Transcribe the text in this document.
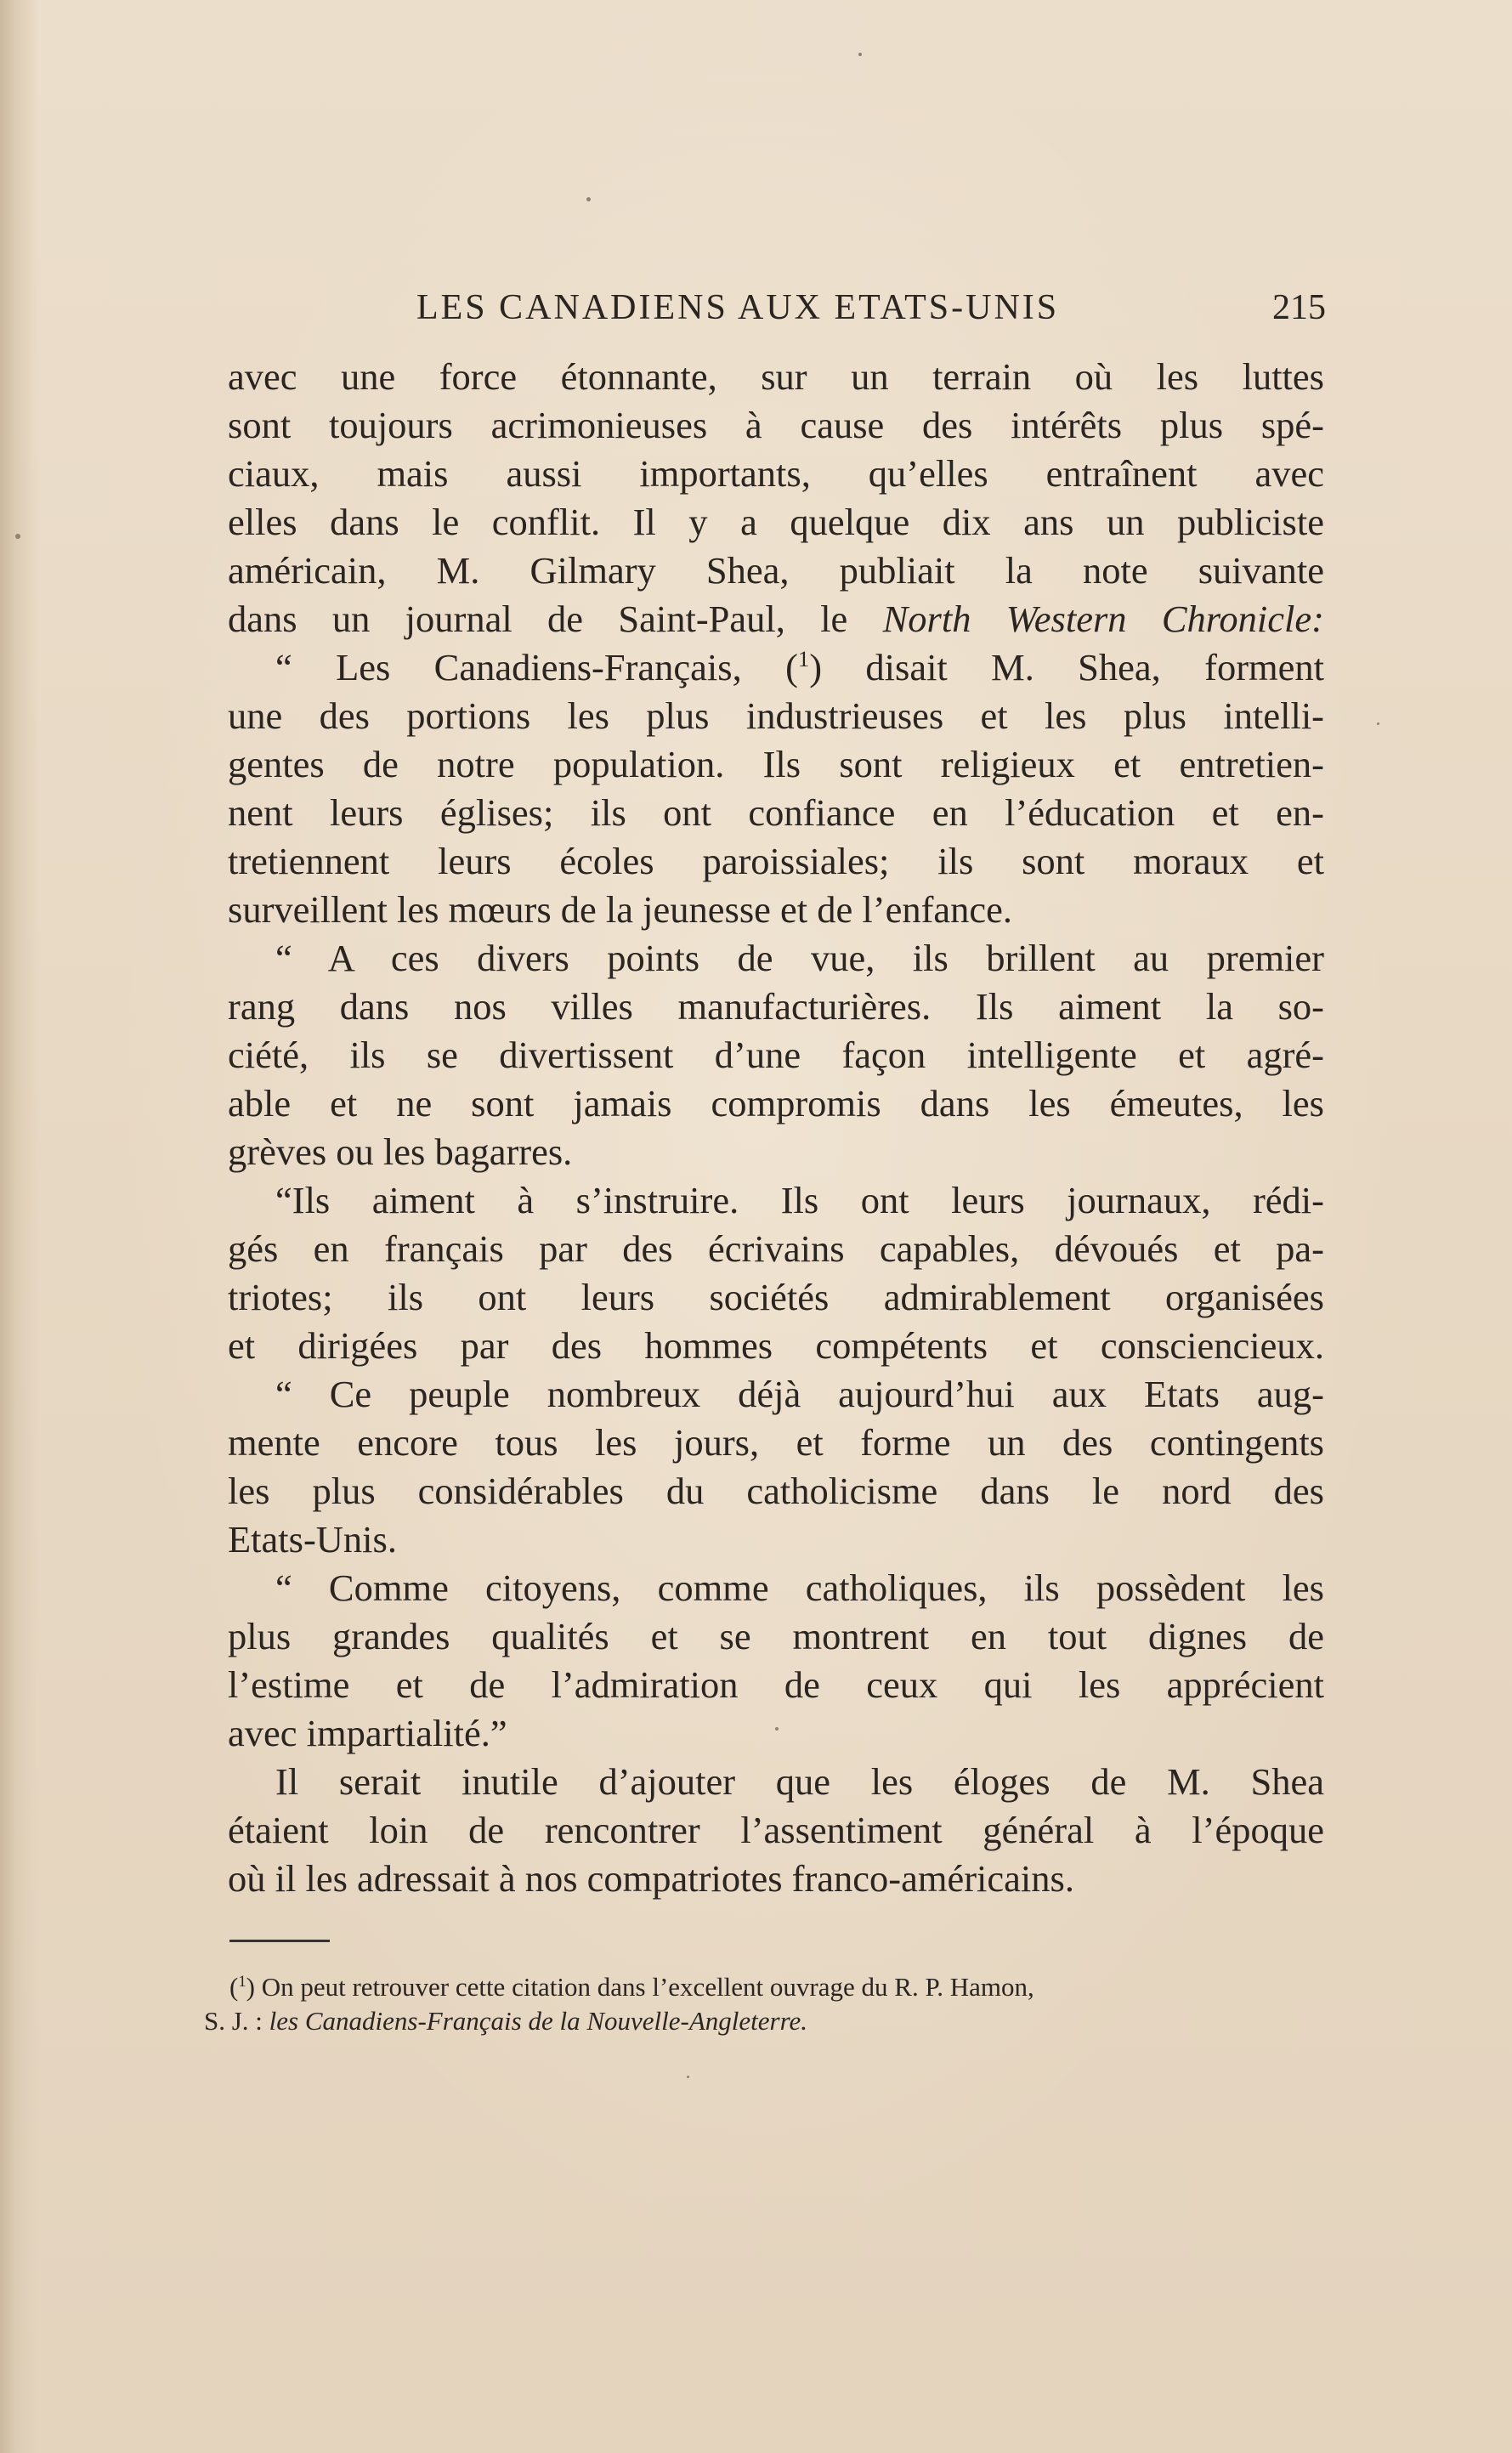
LES CANADIENS AUX ETATS-UNIS	215
avec une force étonnante, sur un terrain où les luttes
sont toujours acrimonieuses à cause des intérêts plus spé-
ciaux, mais aussi importants, qu’elles entraînent avec
elles dans le conflit. Il y a quelque dix ans un publiciste
américain, M. Gilmary Shea, publiait la note suivante
dans un journal de Saint-Paul, le North Western Chronicle:
“ Les Canadiens-Français, ($^1$) disait M. Shea, forment
une des portions les plus industrieuses et les plus intelli-
gentes de notre population. Ils sont religieux et entretien-
nent leurs églises; ils ont confiance en l’éducation et en-
tretiennent leurs écoles paroissiales; ils sont moraux et
surveillent les mœurs de la jeunesse et de l’enfance.
“ A ces divers points de vue, ils brillent au premier
rang dans nos villes manufacturières. Ils aiment la so-
ciété, ils se divertissent d’une façon intelligente et agré-
able et ne sont jamais compromis dans les émeutes, les
grèves ou les bagarres.
“Ils aiment à s’instruire. Ils ont leurs journaux, rédi-
gés en français par des écrivains capables, dévoués et pa-
triotes; ils ont leurs sociétés admirablement organisées
et dirigées par des hommes compétents et consciencieux.
“ Ce peuple nombreux déjà aujourd’hui aux Etats aug-
mente encore tous les jours, et forme un des contingents
les plus considérables du catholicisme dans le nord des
Etats-Unis.
“ Comme citoyens, comme catholiques, ils possèdent les
plus grandes qualités et se montrent en tout dignes de
l’estime et de l’admiration de ceux qui les apprécient
avec impartialité.”
Il serait inutile d’ajouter que les éloges de M. Shea
étaient loin de rencontrer l’assentiment général à l’époque
où il les adressait à nos compatriotes franco-américains.
($^1$) On peut retrouver cette citation dans l’excellent ouvrage du R. P. Hamon,
S. J. : les Canadiens-Français de la Nouvelle-Angleterre.
